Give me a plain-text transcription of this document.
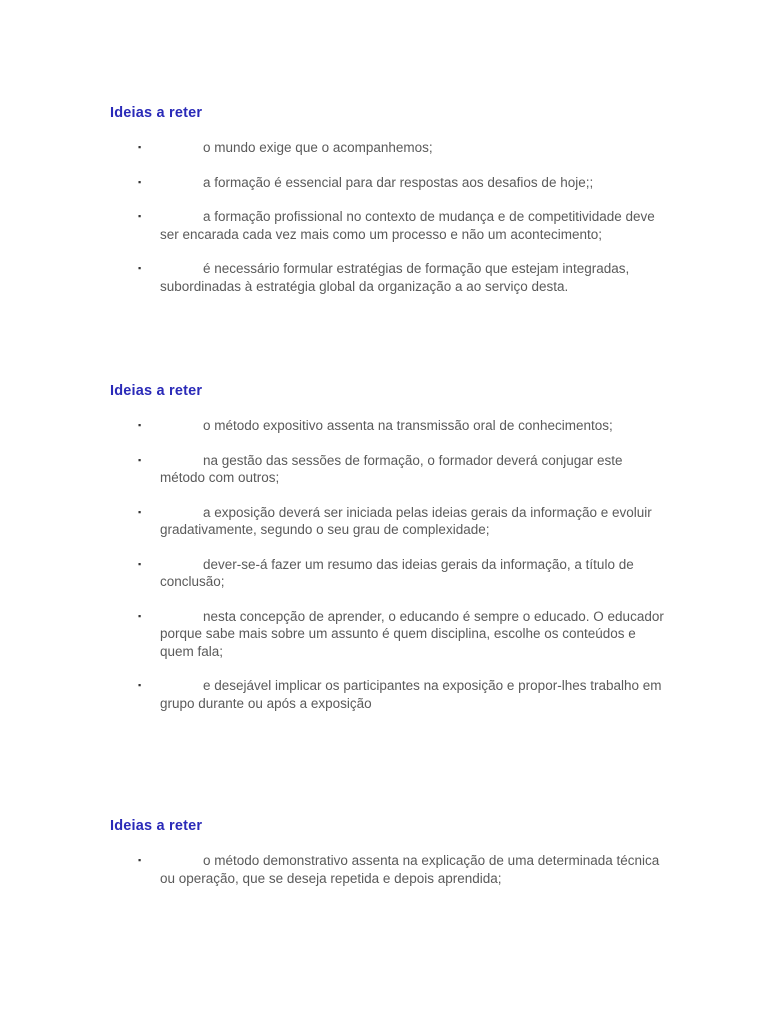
Ideias a reter
▪	o mundo exige que o acompanhemos;
▪	a formação é essencial para dar respostas aos desafios de hoje;;
▪	a formação profissional no contexto de mudança e de competitividade deve ser encarada cada vez mais como um processo e não um acontecimento;
▪	é necessário formular estratégias de formação que estejam integradas, subordinadas à estratégia global da organização a ao serviço desta.
Ideias a reter
▪	o método expositivo assenta na transmissão oral de conhecimentos;
▪	na gestão das sessões de formação, o formador deverá conjugar este método com outros;
▪	a exposição deverá ser iniciada pelas ideias gerais da informação e evoluir gradativamente, segundo o seu grau de complexidade;
▪	dever-se-á fazer um resumo das ideias gerais da informação, a título de conclusão;
▪	nesta concepção de aprender, o educando é sempre o educado. O educador porque sabe mais sobre um assunto é quem disciplina, escolhe os conteúdos e quem fala;
▪	e desejável implicar os participantes na exposição e propor-lhes trabalho em grupo durante ou após a exposição
Ideias a reter
▪	o método demonstrativo assenta na explicação de uma determinada técnica ou operação, que se deseja repetida e depois aprendida;
